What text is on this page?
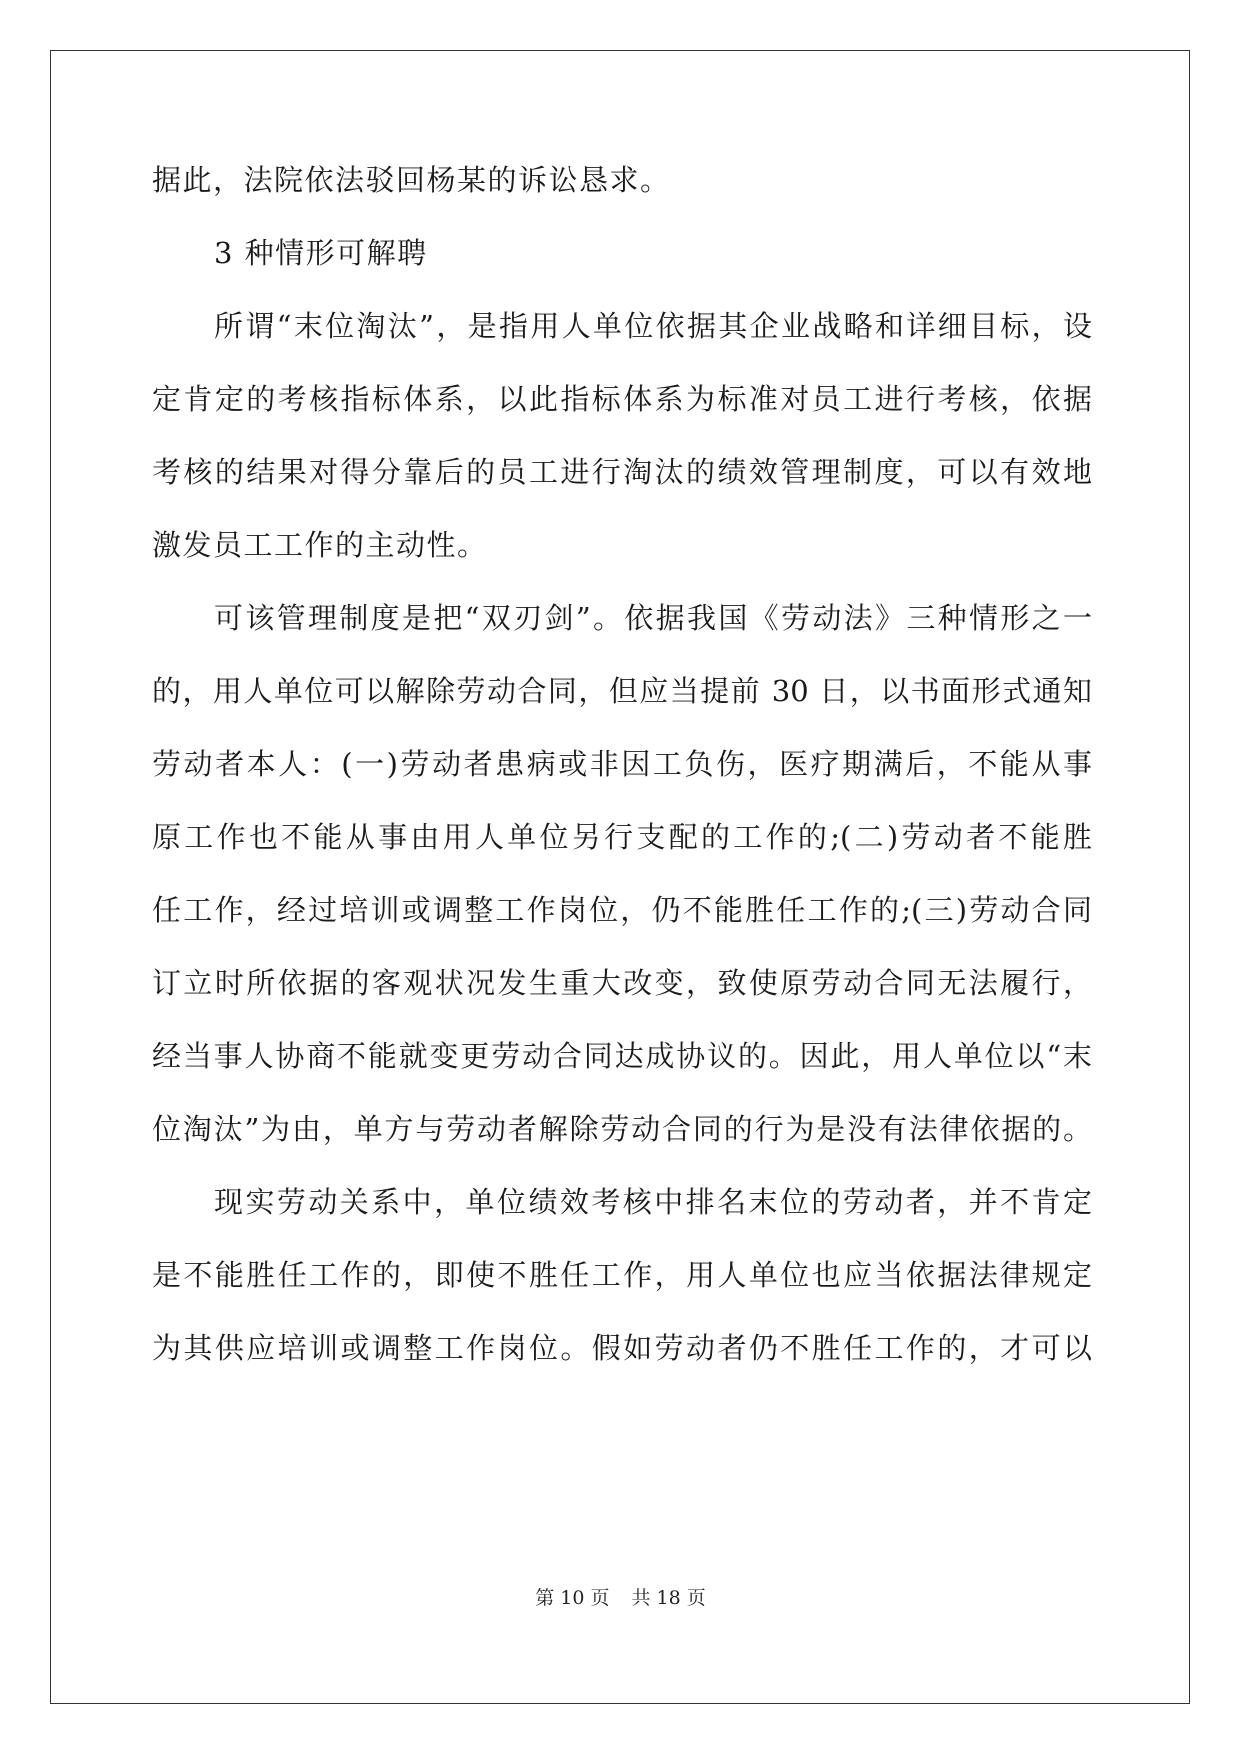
据此，法院依法驳回杨某的诉讼恳求。
3 种情形可解聘
所谓“末位淘汰”，是指用人单位依据其企业战略和详细目标，设
定肯定的考核指标体系，以此指标体系为标准对员工进行考核，依据
考核的结果对得分靠后的员工进行淘汰的绩效管理制度，可以有效地
激发员工工作的主动性。
可该管理制度是把“双刃剑”。依据我国《劳动法》三种情形之一
的，用人单位可以解除劳动合同，但应当提前 30 日，以书面形式通知
劳动者本人：(一)劳动者患病或非因工负伤，医疗期满后，不能从事
原工作也不能从事由用人单位另行支配的工作的;(二)劳动者不能胜
任工作，经过培训或调整工作岗位，仍不能胜任工作的;(三)劳动合同
订立时所依据的客观状况发生重大改变，致使原劳动合同无法履行，
经当事人协商不能就变更劳动合同达成协议的。因此，用人单位以“末
位淘汰”为由，单方与劳动者解除劳动合同的行为是没有法律依据的。
现实劳动关系中，单位绩效考核中排名末位的劳动者，并不肯定
是不能胜任工作的，即使不胜任工作，用人单位也应当依据法律规定
为其供应培训或调整工作岗位。假如劳动者仍不胜任工作的，才可以
第 10 页 共 18 页
